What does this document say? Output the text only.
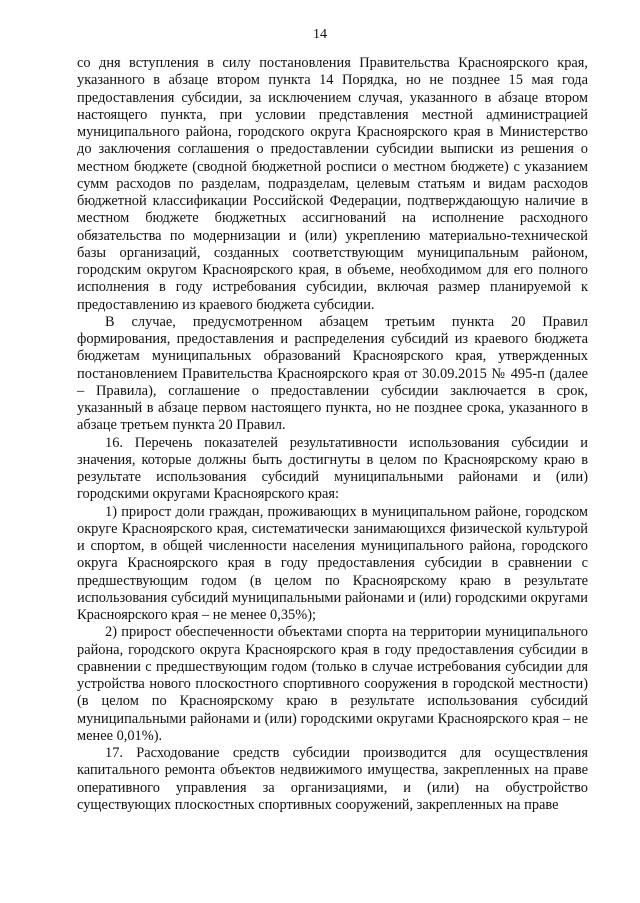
14

со дня вступления в силу постановления Правительства Красноярского края, указанного в абзаце втором пункта 14 Порядка, но не позднее 15 мая года предоставления субсидии, за исключением случая, указанного в абзаце втором настоящего пункта, при условии представления местной администрацией муниципального района, городского округа Красноярского края в Министерство до заключения соглашения о предоставлении субсидии выписки из решения о местном бюджете (сводной бюджетной росписи о местном бюджете) с указанием сумм расходов по разделам, подразделам, целевым статьям и видам расходов бюджетной классификации Российской Федерации, подтверждающую наличие в местном бюджете бюджетных ассигнований на исполнение расходного обязательства по модернизации и (или) укреплению материально-технической базы организаций, созданных соответствующим муниципальным районом, городским округом Красноярского края, в объеме, необходимом для его полного исполнения в году истребования субсидии, включая размер планируемой к предоставлению из краевого бюджета субсидии.

В случае, предусмотренном абзацем третьим пункта 20 Правил формирования, предоставления и распределения субсидий из краевого бюджета бюджетам муниципальных образований Красноярского края, утвержденных постановлением Правительства Красноярского края от 30.09.2015 № 495-п (далее – Правила), соглашение о предоставлении субсидии заключается в срок, указанный в абзаце первом настоящего пункта, но не позднее срока, указанного в абзаце третьем пункта 20 Правил.

16. Перечень показателей результативности использования субсидии и значения, которые должны быть достигнуты в целом по Красноярскому краю в результате использования субсидий муниципальными районами и (или) городскими округами Красноярского края:

1) прирост доли граждан, проживающих в муниципальном районе, городском округе Красноярского края, систематически занимающихся физической культурой и спортом, в общей численности населения муниципального района, городского округа Красноярского края в году предоставления субсидии в сравнении с предшествующим годом (в целом по Красноярскому краю в результате использования субсидий муниципальными районами и (или) городскими округами Красноярского края – не менее 0,35%);

2) прирост обеспеченности объектами спорта на территории муниципального района, городского округа Красноярского края в году предоставления субсидии в сравнении с предшествующим годом (только в случае истребования субсидии для устройства нового плоскостного спортивного сооружения в городской местности) (в целом по Красноярскому краю в результате использования субсидий муниципальными районами и (или) городскими округами Красноярского края – не менее 0,01%).

17. Расходование средств субсидии производится для осуществления капитального ремонта объектов недвижимого имущества, закрепленных на праве оперативного управления за организациями, и (или) на обустройство существующих плоскостных спортивных сооружений, закрепленных на праве
